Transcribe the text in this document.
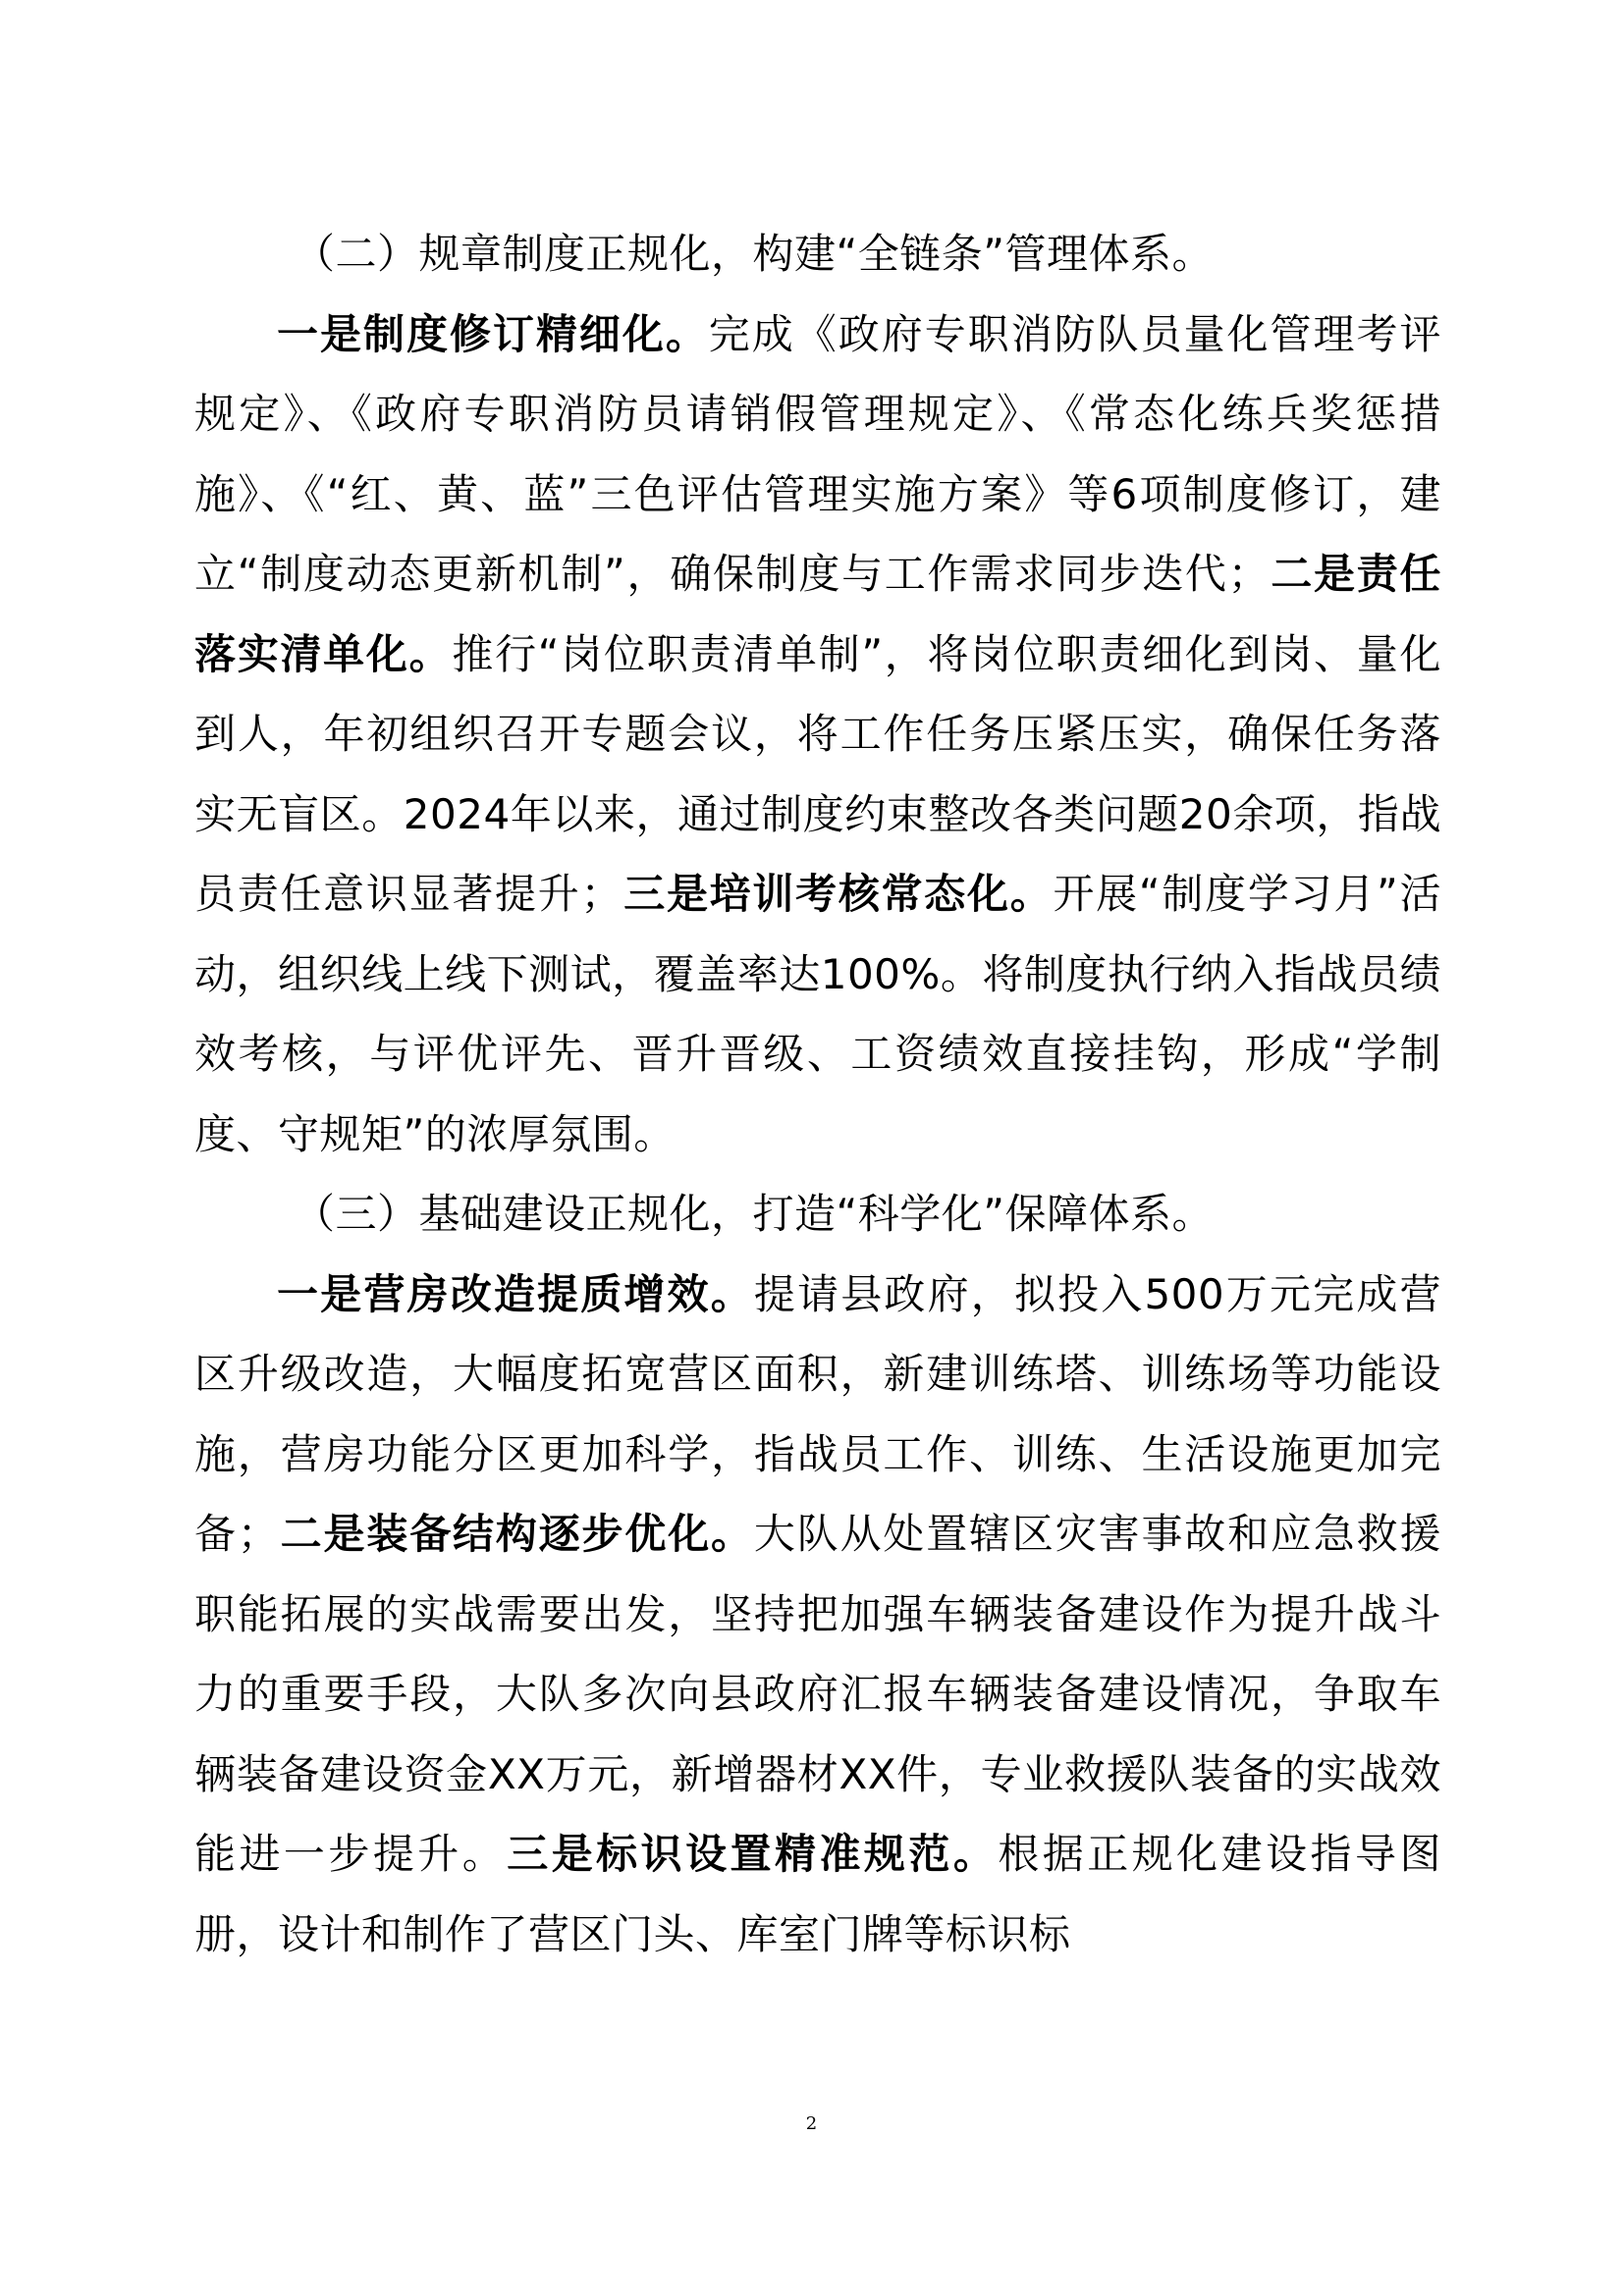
（二）规章制度正规化，构建“全链条”管理体系。

一是制度修订精细化。完成《政府专职消防队员量化管理考评规定》、《政府专职消防员请销假管理规定》、《常态化练兵奖惩措施》、《“红、黄、蓝”三色评估管理实施方案》等6项制度修订，建立“制度动态更新机制”，确保制度与工作需求同步迭代；二是责任落实清单化。推行“岗位职责清单制”，将岗位职责细化到岗、量化到人，年初组织召开专题会议，将工作任务压紧压实，确保任务落实无盲区。2024年以来，通过制度约束整改各类问题20余项，指战员责任意识显著提升；三是培训考核常态化。开展“制度学习月”活动，组织线上线下测试，覆盖率达100%。将制度执行纳入指战员绩效考核，与评优评先、晋升晋级、工资绩效直接挂钩，形成“学制度、守规矩”的浓厚氛围。

（三）基础建设正规化，打造“科学化”保障体系。

一是营房改造提质增效。提请县政府，拟投入500万元完成营区升级改造，大幅度拓宽营区面积，新建训练塔、训练场等功能设施，营房功能分区更加科学，指战员工作、训练、生活设施更加完备；二是装备结构逐步优化。大队从处置辖区灾害事故和应急救援职能拓展的实战需要出发，坚持把加强车辆装备建设作为提升战斗力的重要手段，大队多次向县政府汇报车辆装备建设情况，争取车辆装备建设资金XX万元，新增器材XX件，专业救援队装备的实战效能进一步提升。三是标识设置精准规范。根据正规化建设指导图册，设计和制作了营区门头、库室门牌等标识标

2
